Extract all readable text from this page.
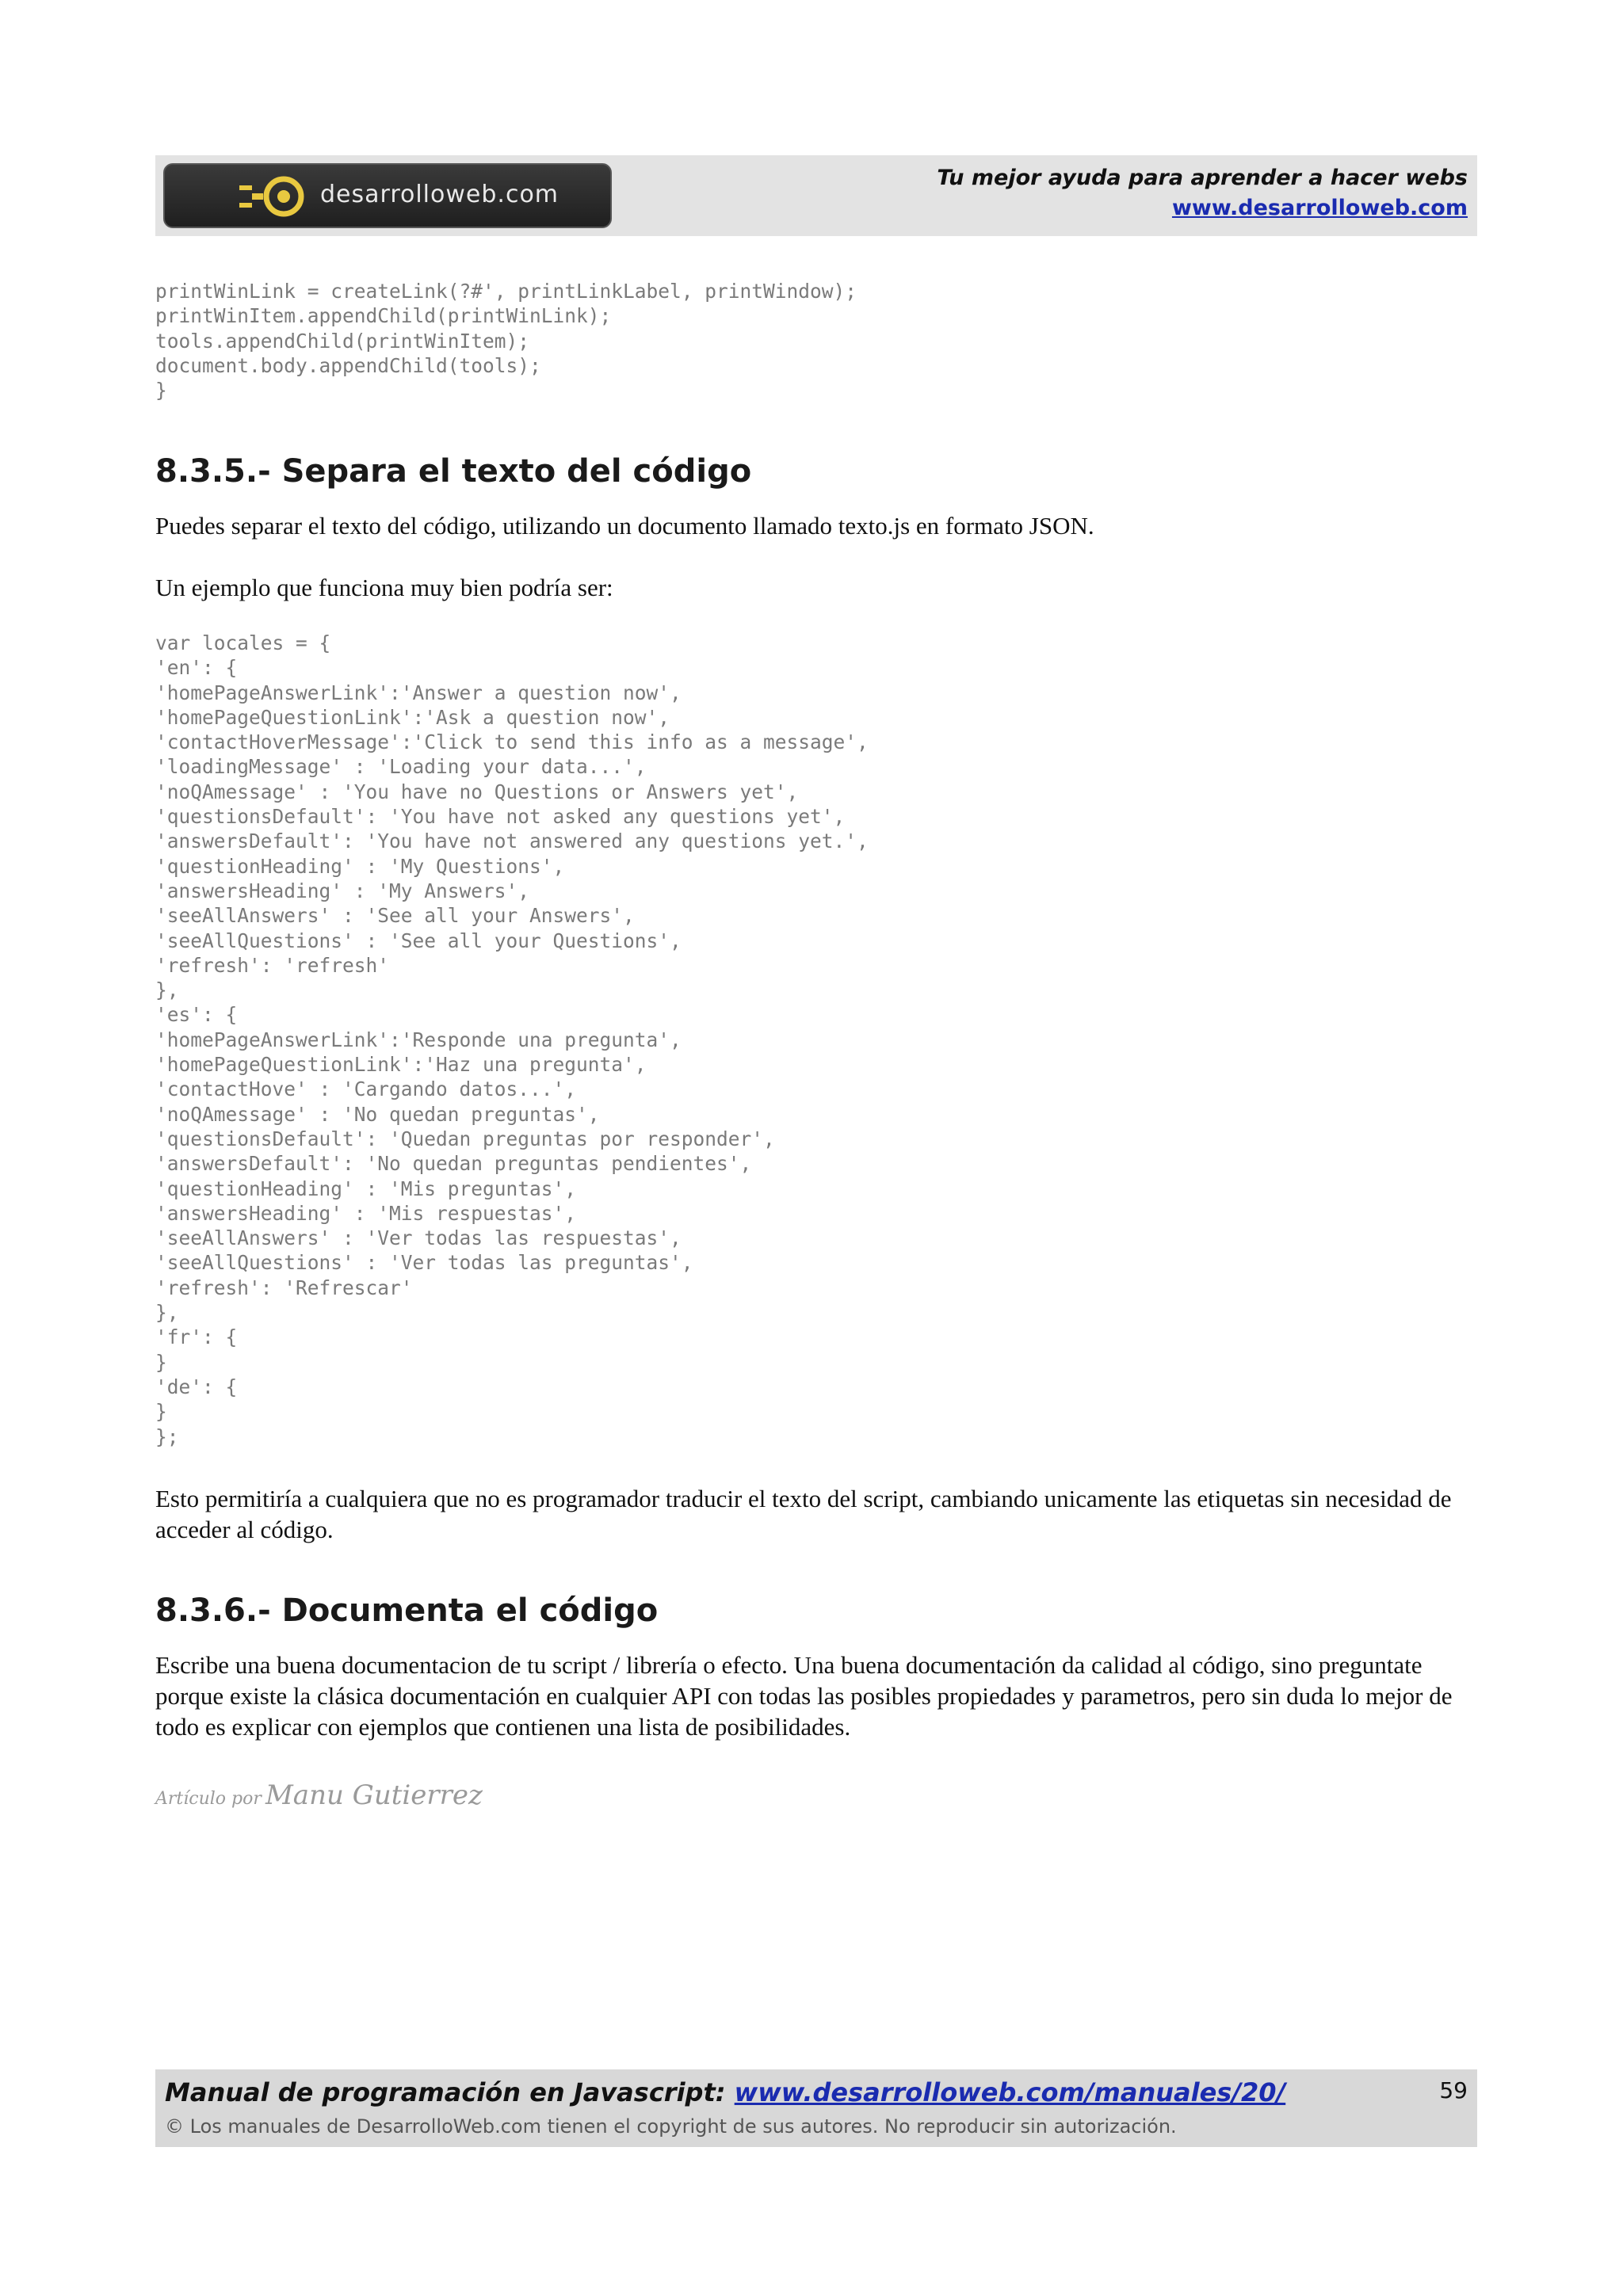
desarrolloweb.com
Tu mejor ayuda para aprender a hacer webs
www.desarrolloweb.com
printWinLink = createLink(?#', printLinkLabel, printWindow);
printWinItem.appendChild(printWinLink);
tools.appendChild(printWinItem);
document.body.appendChild(tools);
}
8.3.5.- Separa el texto del código

Puedes separar el texto del código, utilizando un documento llamado texto.js en formato JSON.

Un ejemplo que funciona muy bien podría ser:

var locales = {
'en': {
'homePageAnswerLink':'Answer a question now',
'homePageQuestionLink':'Ask a question now',
'contactHoverMessage':'Click to send this info as a message',
'loadingMessage' : 'Loading your data...',
'noQAmessage' : 'You have no Questions or Answers yet',
'questionsDefault': 'You have not asked any questions yet',
'answersDefault': 'You have not answered any questions yet.',
'questionHeading' : 'My Questions',
'answersHeading' : 'My Answers',
'seeAllAnswers' : 'See all your Answers',
'seeAllQuestions' : 'See all your Questions',
'refresh': 'refresh'
},
'es': {
'homePageAnswerLink':'Responde una pregunta',
'homePageQuestionLink':'Haz una pregunta',
'contactHove' : 'Cargando datos...',
'noQAmessage' : 'No quedan preguntas',
'questionsDefault': 'Quedan preguntas por responder',
'answersDefault': 'No quedan preguntas pendientes',
'questionHeading' : 'Mis preguntas',
'answersHeading' : 'Mis respuestas',
'seeAllAnswers' : 'Ver todas las respuestas',
'seeAllQuestions' : 'Ver todas las preguntas',
'refresh': 'Refrescar'
},
'fr': {
}
'de': {
}
};

Esto permitiría a cualquiera que no es programador traducir el texto del script, cambiando unicamente las etiquetas sin necesidad de acceder al código.

8.3.6.- Documenta el código

Escribe una buena documentacion de tu script / librería o efecto. Una buena documentación da calidad al código, sino preguntate porque existe la clásica documentación en cualquier API con todas las posibles propiedades y parametros, pero sin duda lo mejor de todo es explicar con ejemplos que contienen una lista de posibilidades.

Artículo por Manu Gutierrez
Manual de programación en Javascript: www.desarrolloweb.com/manuales/20/
© Los manuales de DesarrolloWeb.com tienen el copyright de sus autores. No reproducir sin autorización.
59
